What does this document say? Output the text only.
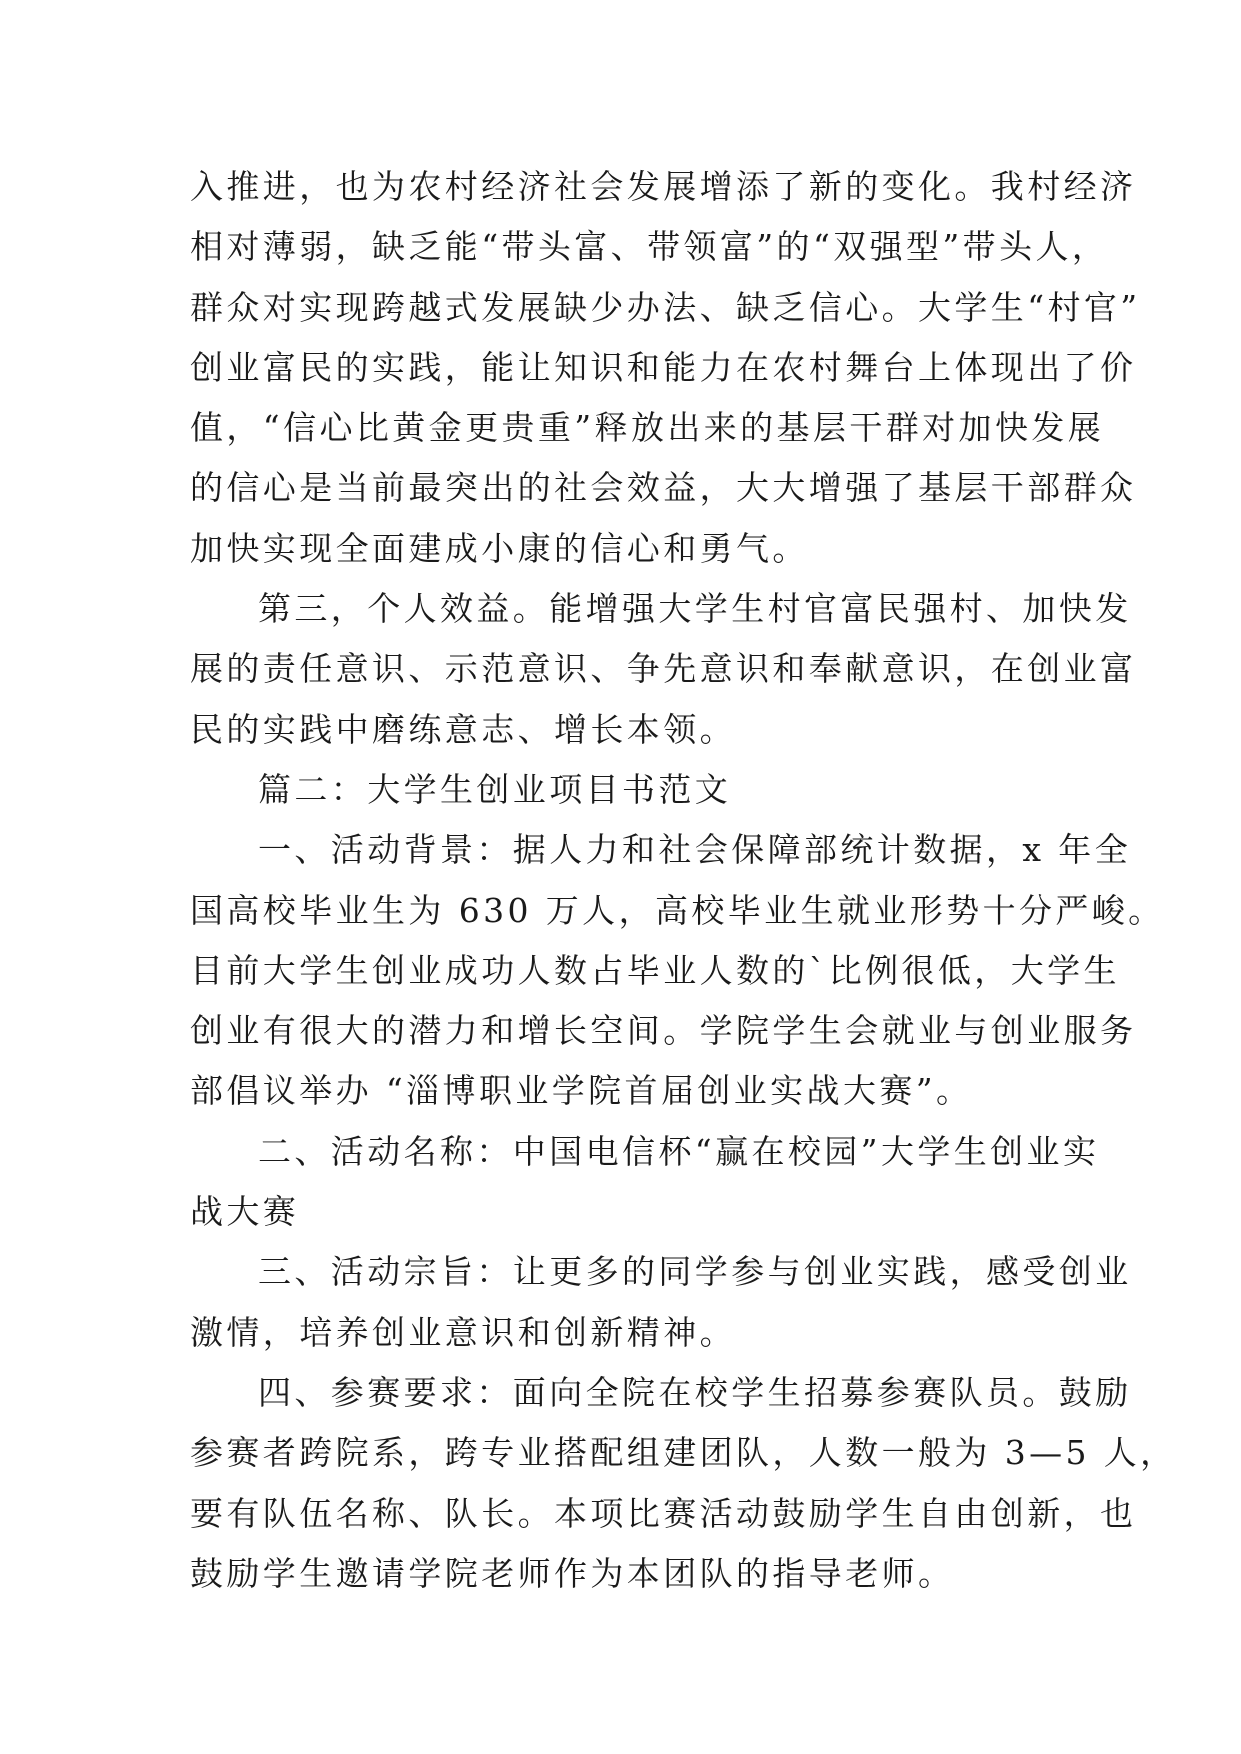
入推进，也为农村经济社会发展增添了新的变化。我村经济
相对薄弱，缺乏能“带头富、带领富”的“双强型”带头人，
群众对实现跨越式发展缺少办法、缺乏信心。大学生“村官”
创业富民的实践，能让知识和能力在农村舞台上体现出了价
值，“信心比黄金更贵重”释放出来的基层干群对加快发展
的信心是当前最突出的社会效益，大大增强了基层干部群众
加快实现全面建成小康的信心和勇气。
第三，个人效益。能增强大学生村官富民强村、加快发
展的责任意识、示范意识、争先意识和奉献意识，在创业富
民的实践中磨练意志、增长本领。
篇二：大学生创业项目书范文
一、活动背景：据人力和社会保障部统计数据，x 年全
国高校毕业生为 630 万人，高校毕业生就业形势十分严峻。
目前大学生创业成功人数占毕业人数的`比例很低，大学生
创业有很大的潜力和增长空间。学院学生会就业与创业服务
部倡议举办 “淄博职业学院首届创业实战大赛”。
二、活动名称：中国电信杯“赢在校园”大学生创业实
战大赛
三、活动宗旨：让更多的同学参与创业实践，感受创业
激情，培养创业意识和创新精神。
四、参赛要求：面向全院在校学生招募参赛队员。鼓励
参赛者跨院系，跨专业搭配组建团队，人数一般为 3—5 人，
要有队伍名称、队长。本项比赛活动鼓励学生自由创新，也
鼓励学生邀请学院老师作为本团队的指导老师。
